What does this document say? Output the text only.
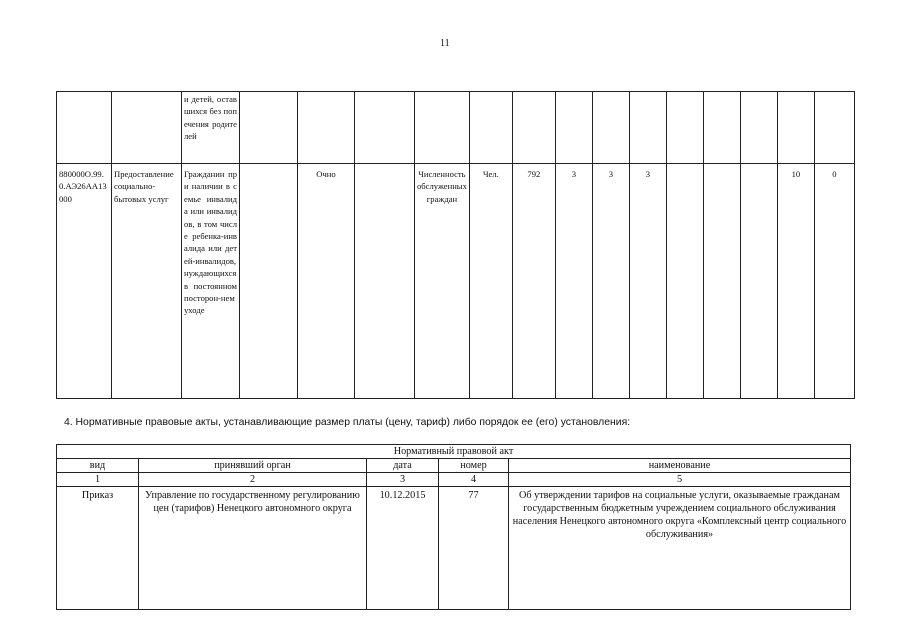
11
		и детей, оставшихся без попечения родителей														
880000О.99.0.АЭ26АА13000	Предоставление социально-бытовых услуг	Гражданин при наличии в семье инвалида или инвалидов, в том числе ребенка-инвалида или детей-инвалидов, нуждающихся в постоянном посторон-нем уходе		Очно		Численность обслуженных граждан	Чел.	792	3	3	3				10	0
4. Нормативные правовые акты, устанавливающие размер платы (цену, тариф) либо порядок ее (его) установления:
Нормативный правовой акт				
вид	принявший орган	дата	номер	наименование
1	2	3	4	5
Приказ	Управление по государственному регулированию цен (тарифов) Ненецкого автономного округа	10.12.2015	77	Об утверждении тарифов на социальные услуги, оказываемые гражданам государственным бюджетным учреждением социального обслуживания населения Ненецкого автономного округа «Комплексный центр социального обслуживания»
